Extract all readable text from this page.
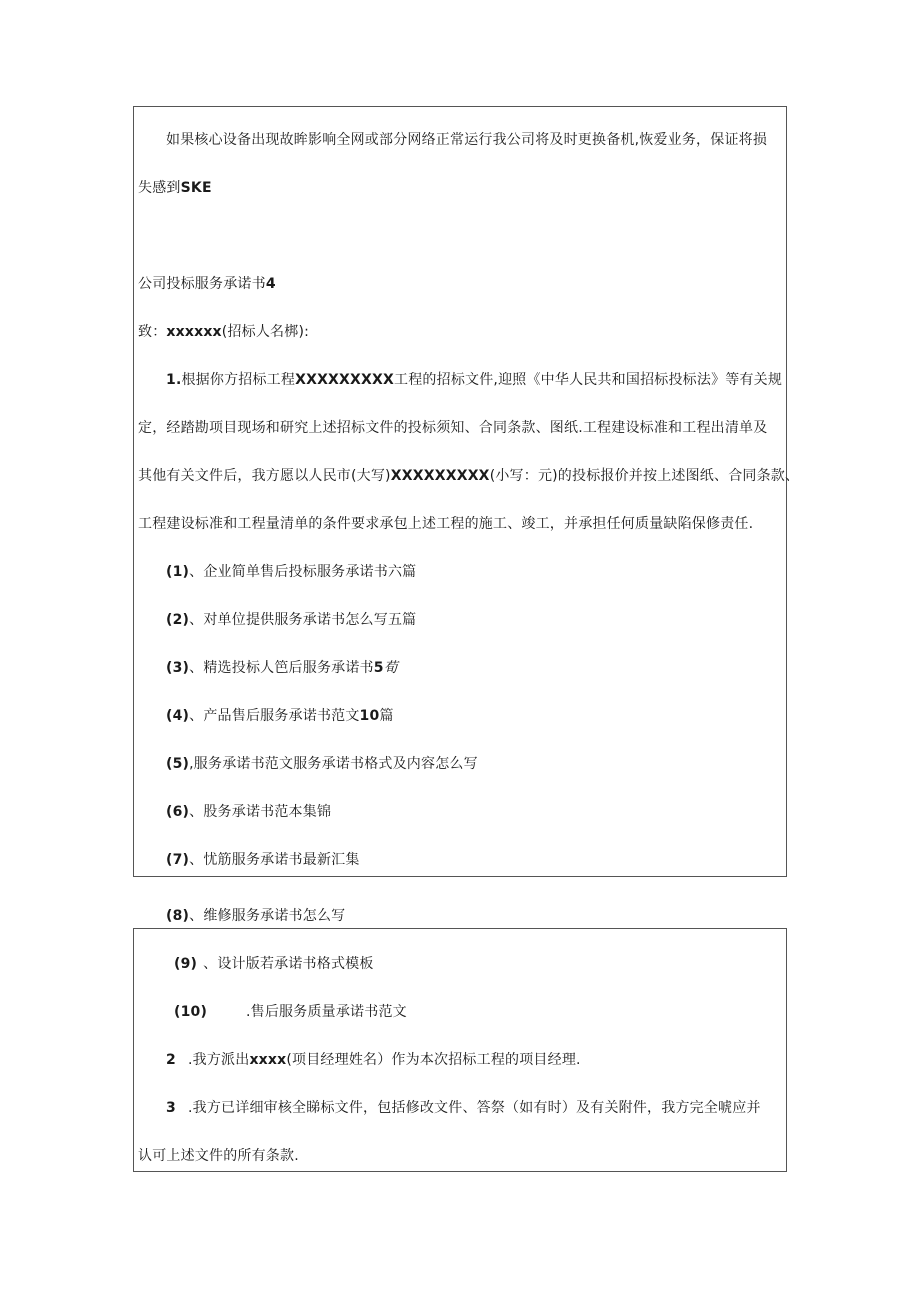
如果核心设备出现故眸影响全网或部分网络正常运行我公司将及时更换备机,恢爱业务，保证将损
失感到SKE
公司投标服务承诺书4
致：xxxxxx(招标人名梆):
1.根据你方招标工程XXXXXXXXX工程的招标文件,迎照《中华人民共和国招标投标法》等有关规
定，经踏勘项目现场和研究上述招标文件的投标须知、合同条款、图纸.工程建设标准和工程出清单及
其他有关文件后，我方愿以人民市(大写)XXXXXXXXX(小写：元)的投标报价并按上述图纸、合同条款、
工程建设标准和工程量清单的条件要求承包上述工程的施工、竣工，并承担任何质量缺陷保修责任.
(1)、企业简单售后投标服务承诺书六篇
(2)、对单位提供服务承诺书怎么写五篇
(3)、精选投标人笆后服务承诺书5荀
(4)、产品售后服务承诺书范文10篇
(5),服务承诺书范文服务承诺书格式及内容怎么写
(6)、股务承诺书范本集锦
(7)、忧筋服务承诺书最新汇集
(8)、维修服务承诺书怎么写
(9) 、设计版若承诺书格式模板
(10)	.售后服务质量承诺书范文
2 .我方派出xxxx(项目经理姓名）作为本次招标工程的项目经理.
3 .我方已详细审核全睇标文件，包括修改文件、答祭（如有时）及有关附件，我方完全唬应并
认可上述文件的所有条款.
